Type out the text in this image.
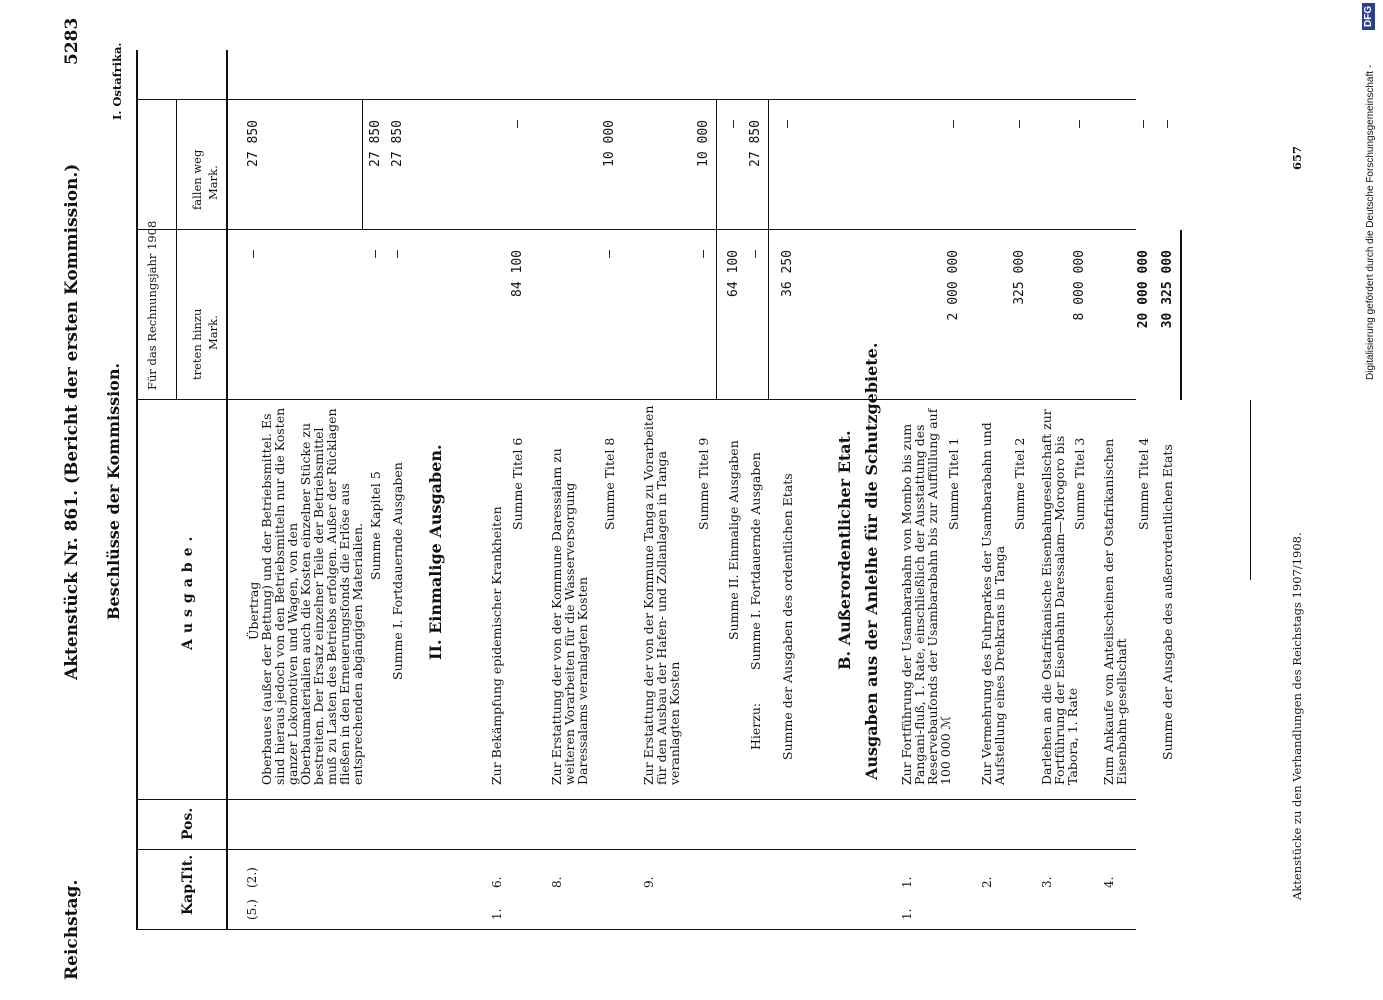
Reichstag.
Aktenstück Nr. 861. (Bericht der ersten Kommission.)
5283
Beschlüsse der Kommission.
I. Ostafrika.
Kap.
Tit.
Pos.
Ausgabe.
Für das Rechnungsjahr 1908	treten hinzu Mark.
fallen weg Mark.
(5.)
(2.)
Übertrag
—
27 850
Oberbaues (außer der Bettung) und der Betriebsmittel. Es sind hieraus jedoch von den Betriebsmitteln nur die Kosten ganzer Lokomotiven und Wagen, von den Oberbaumaterialien auch die Kosten einzelner Stücke zu bestreiten. Der Ersatz einzelner Teile der Betriebsmittel muß zu Lasten des Betriebs erfolgen. Außer der Rücklagen fließen in den Erneuerungsfonds die Erlöse aus entsprechenden abgängigen Materialien. Summe Kapitel 5
—
27 850
Summe I. Fortdauernde Ausgaben
—
27 850
II. Einmalige Ausgaben.
1.
6.
Zur Bekämpfung epidemischer Krankheiten
Summe Titel 6
84 100
—
8.
Zur Erstattung der von der Kommune Daressalam zu weiteren Vorarbeiten für die Wasserversorgung Daressalams veranlagten Kosten
Summe Titel 8
—
10 000
9.
Zur Erstattung der von der Kommune Tanga zu Vorarbeiten für den Ausbau der Hafen- und Zollanlagen in Tanga veranlagten Kosten
Summe Titel 9
—
10 000
Summe II. Einmalige Ausgaben
Hierzu:
Summe I. Fortdauernde Ausgaben
64 100
—
—
27 850
Summe der Ausgaben des ordentlichen Etats
36 250
—
B. Außerordentlicher Etat. Ausgaben aus der Anleihe für die Schutzgebiete.
1.
1.
Zur Fortführung der Usambarabahn von Mombo bis zum Pangani-fluß, 1. Rate, einschließlich der Ausstattung des Reservebaufonds der Usambarabahn bis zur Auffüllung auf 100 000 ℳ
Summe Titel 1
2 000 000
—
2.
Zur Vermehrung des Fuhrparkes der Usambarabahn und Aufstellung eines Drehkrans in Tanga
Summe Titel 2
325 000
—
3.
Darlehen an die Ostafrikanische Eisenbahngesellschaft zur Fortführung der Eisenbahn Daressalam—Morogoro bis Tabora, 1. Rate
Summe Titel 3
8 000 000
—
4.
Zum Ankaufe von Anteilscheinen der Ostafrikanischen Eisenbahn-gesellschaft
Summe Titel 4
20 000 000
—
Summe der Ausgabe des außerordentlichen Etats
30 325 000
—
Aktenstücke zu den Verhandlungen des Reichstags 1907/1908.
657	Digitalisierung gefördert durch die Deutsche Forschungsgemeinschaft -
DFG
